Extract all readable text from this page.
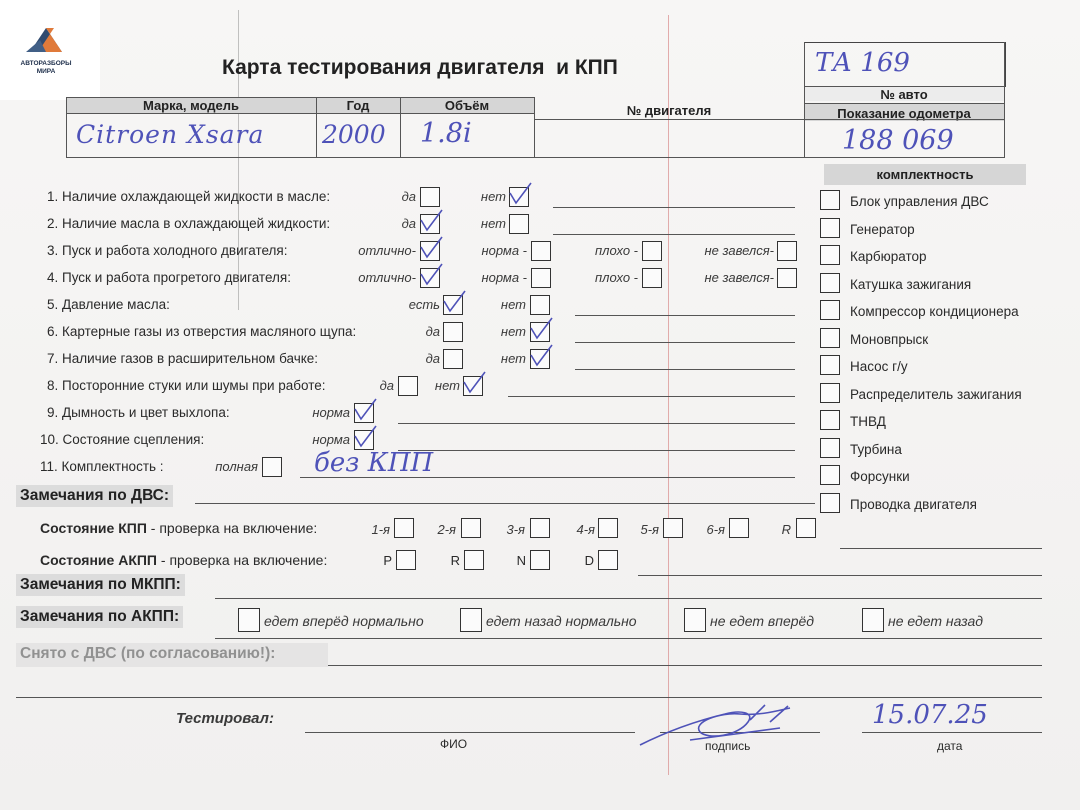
АВТОРАЗБОРЫ
МИРА	Карта тестирования двигателя  и КПП	ТА 169
Марка, модель	Год	Объём	№ двигателя
№ авто
Показание одометра
Citroen Xsara 2000 1.8i	188 069
комплектность
Блок управления ДВС
Генератор
Карбюратор
Катушка зажигания
Компрессор кондиционера
Моновпрыск
Насос г/у
Распределитель зажигания
ТНВД
Турбина
Форсунки
Проводка двигателя
1. Наличие охлаждающей жидкости в масле:	да	нет
2. Наличие масла в охлаждающей жидкости:	да	нет
3. Пуск и работа холодного двигателя:	отлично-	норма -	плохо -	не завелся-
4. Пуск и работа прогретого двигателя:	отлично-	норма -	плохо -	не завелся-
5. Давление масла:	есть	нет
6. Картерные газы из отверстия масляного щупа:	да	нет
7. Наличие газов в расширительном бачке:	да	нет
8. Посторонние стуки или шумы при работе:	да	нет
9. Дымность и цвет выхлопа:	норма
10. Состояние сцепления:	норма
11. Комплектность :	полная без КПП
Замечания по ДВС:
Состояние КПП - проверка на включение:	1-я	2-я	3-я	4-я	5-я	6-я	R
Состояние АКПП - проверка на включение:	P	R	N	D
Замечания по МКПП:
Замечания по АКПП:	едет вперёд нормально	едет назад нормально	не едет вперёд	не едет назад
Тестировал:
ФИО	подпись
15.07.25
дата
